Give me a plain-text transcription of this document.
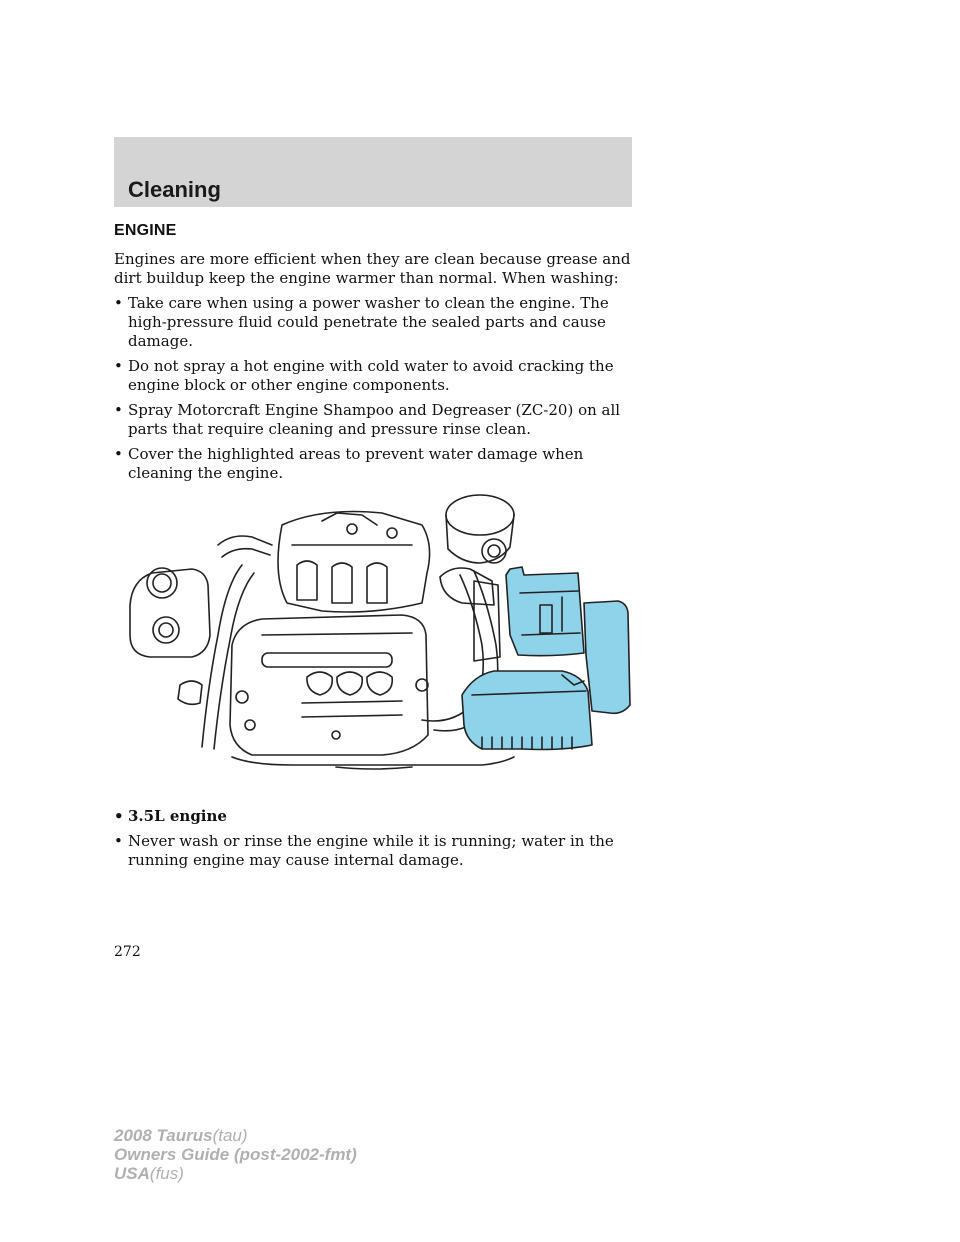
Cleaning
ENGINE

Engines are more efficient when they are clean because grease and dirt buildup keep the engine warmer than normal. When washing:

• Take care when using a power washer to clean the engine. The high-pressure fluid could penetrate the sealed parts and cause damage.
• Do not spray a hot engine with cold water to avoid cracking the engine block or other engine components.
• Spray Motorcraft Engine Shampoo and Degreaser (ZC-20) on all parts that require cleaning and pressure rinse clean.
• Cover the highlighted areas to prevent water damage when cleaning the engine.
• 3.5L engine
• Never wash or rinse the engine while it is running; water in the running engine may cause internal damage.
272
2008 Taurus(tau)
Owners Guide (post-2002-fmt)
USA(fus)
